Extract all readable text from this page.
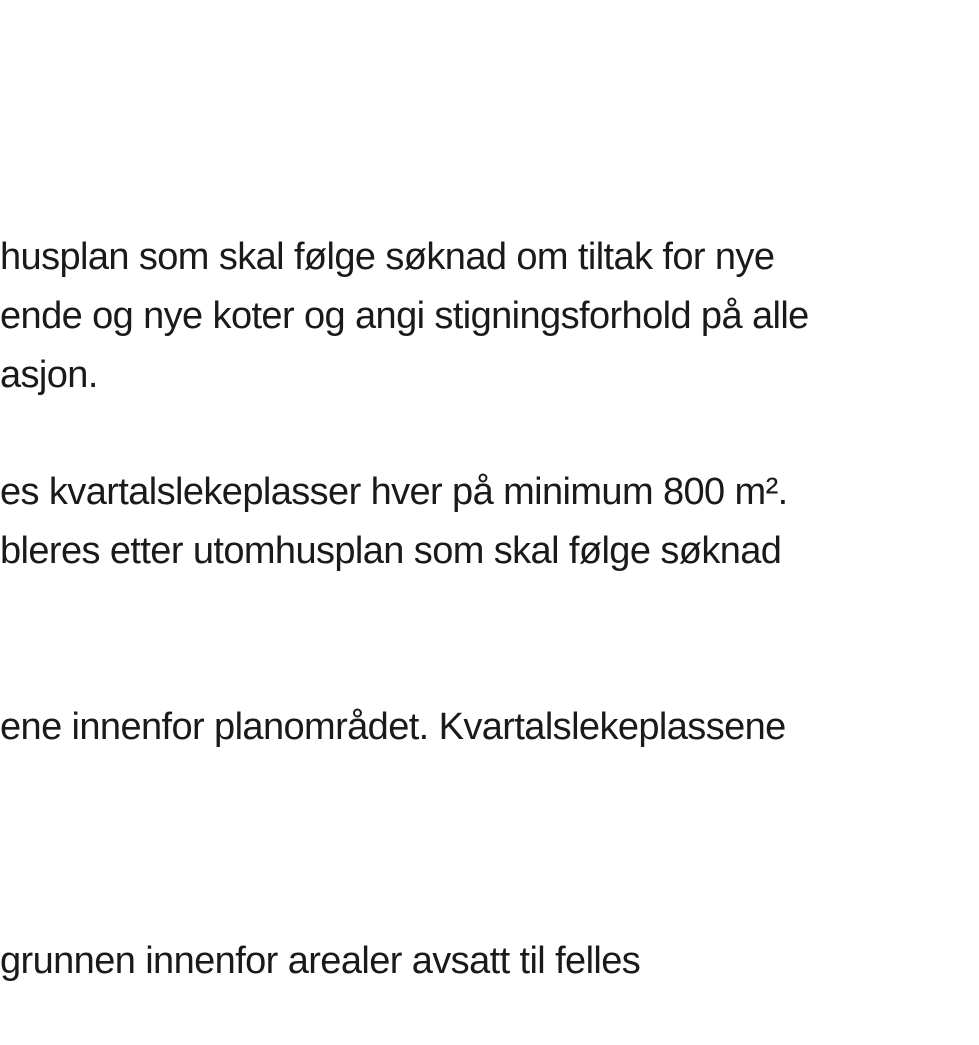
husplan som skal følge søknad om tiltak for nye
ende og nye koter og angi stigningsforhold på alle
asjon.
es kvartalslekeplasser hver på minimum 800 m².
bleres etter utomhusplan som skal følge søknad
ene innenfor planområdet. Kvartalslekeplassene
grunnen innenfor arealer avsatt til felles
